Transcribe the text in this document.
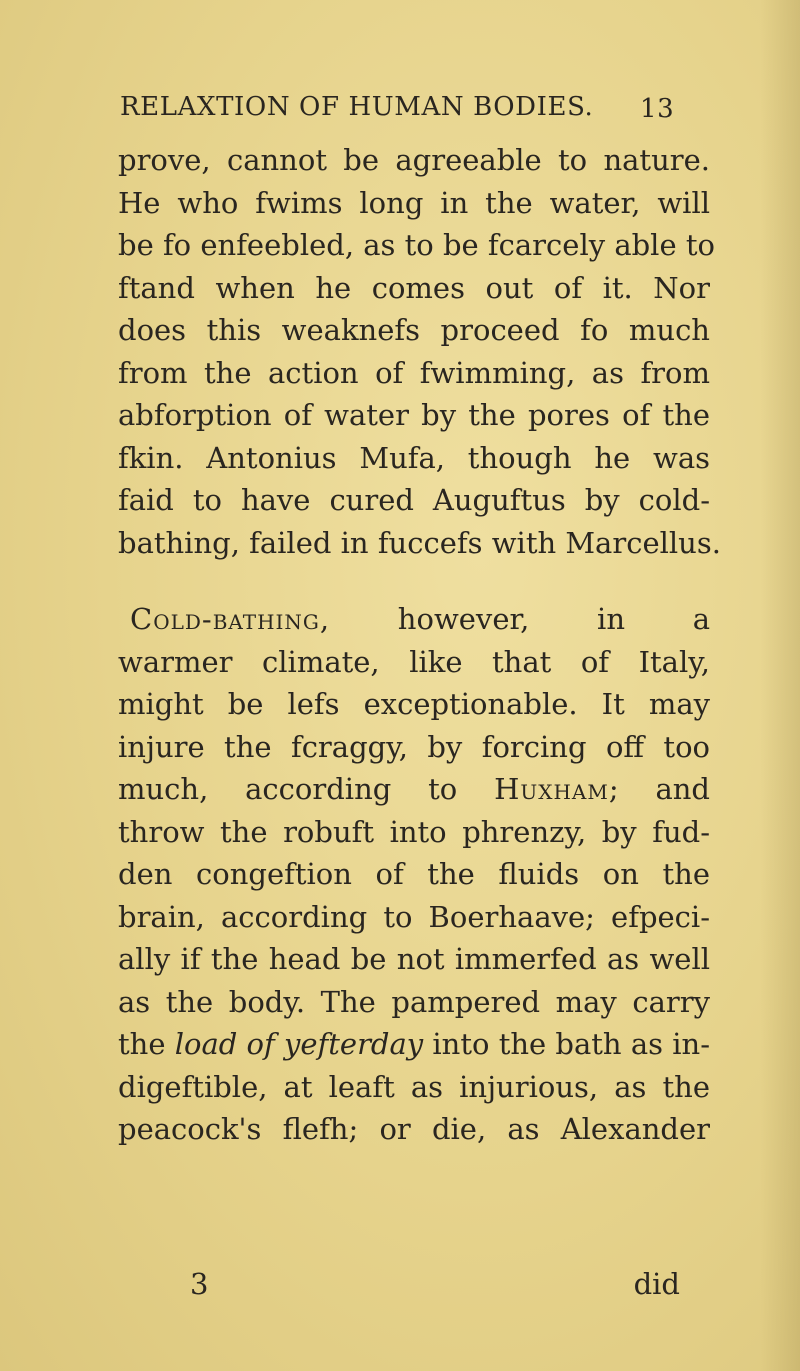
RELAXTION OF HUMAN BODIES. 13
prove, cannot be agreeable to nature.
He who fwims long in the water, will
be fo enfeebled, as to be fcarcely able to
ftand when he comes out of it. Nor
does this weaknefs proceed fo much
from the action of fwimming, as from
abforption of water by the pores of the
fkin. Antonius Mufa, though he was
faid to have cured Auguftus by cold-
bathing, failed in fuccefs with Marcellus.
Cold-bathing, however, in a
warmer climate, like that of Italy,
might be lefs exceptionable. It may
injure the fcraggy, by forcing off too
much, according to Huxham; and
throw the robuft into phrenzy, by fud-
den congeftion of the fluids on the
brain, according to Boerhaave; efpeci-
ally if the head be not immerfed as well
as the body. The pampered may carry
the load of yefterday into the bath as in-
digeftible, at leaft as injurious, as the
peacock's flefh; or die, as Alexander
3	did
